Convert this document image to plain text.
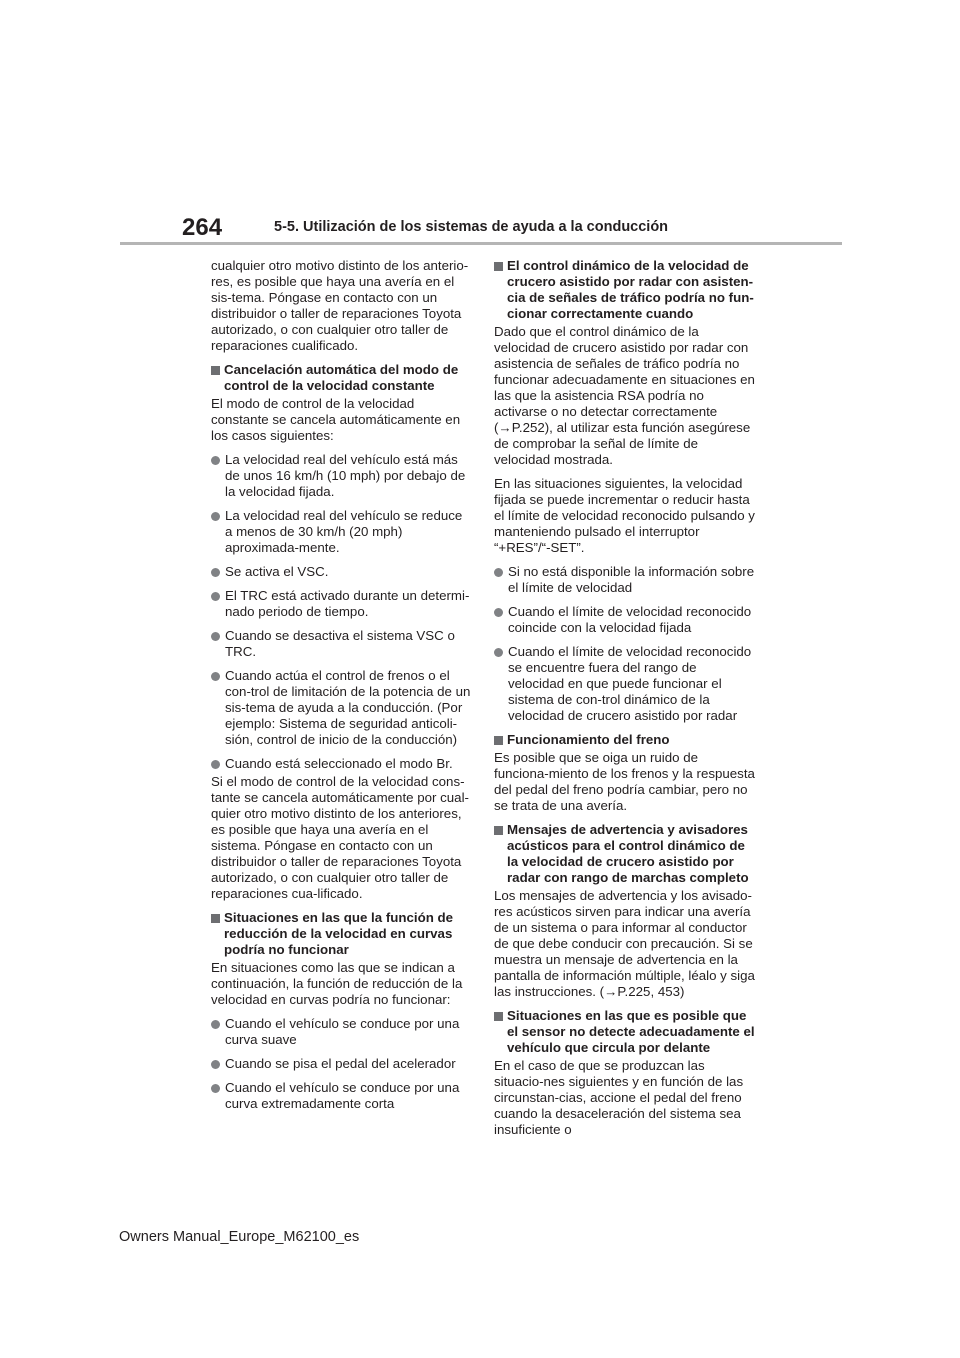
264	5-5. Utilización de los sistemas de ayuda a la conducción

cualquier otro motivo distinto de los anterio-res, es posible que haya una avería en el sis-tema. Póngase en contacto con un distribuidor o taller de reparaciones Toyota autorizado, o con cualquier otro taller de reparaciones cualificado.

Cancelación automática del modo de control de la velocidad constante

El modo de control de la velocidad constante se cancela automáticamente en los casos siguientes:

La velocidad real del vehículo está más de unos 16 km/h (10 mph) por debajo de la velocidad fijada.
La velocidad real del vehículo se reduce a menos de 30 km/h (20 mph) aproximada-mente.
Se activa el VSC.
El TRC está activado durante un determi-nado periodo de tiempo.
Cuando se desactiva el sistema VSC o TRC.
Cuando actúa el control de frenos o el con-trol de limitación de la potencia de un sis-tema de ayuda a la conducción. (Por ejemplo: Sistema de seguridad anticoli-sión, control de inicio de la conducción)
Cuando está seleccionado el modo Br.

Si el modo de control de la velocidad cons-tante se cancela automáticamente por cual-quier otro motivo distinto de los anteriores, es posible que haya una avería en el sistema. Póngase en contacto con un distribuidor o taller de reparaciones Toyota autorizado, o con cualquier otro taller de reparaciones cua-lificado.

Situaciones en las que la función de reducción de la velocidad en curvas podría no funcionar

En situaciones como las que se indican a continuación, la función de reducción de la velocidad en curvas podría no funcionar:

Cuando el vehículo se conduce por una curva suave
Cuando se pisa el pedal del acelerador
Cuando el vehículo se conduce por una curva extremadamente corta
El control dinámico de la velocidad de crucero asistido por radar con asisten-cia de señales de tráfico podría no fun-cionar correctamente cuando

Dado que el control dinámico de la velocidad de crucero asistido por radar con asistencia de señales de tráfico podría no funcionar adecuadamente en situaciones en las que la asistencia RSA podría no activarse o no detectar correctamente (→P.252), al utilizar esta función asegúrese de comprobar la señal de límite de velocidad mostrada.

En las situaciones siguientes, la velocidad fijada se puede incrementar o reducir hasta el límite de velocidad reconocido pulsando y manteniendo pulsado el interruptor “+RES”/“-SET”.

Si no está disponible la información sobre el límite de velocidad
Cuando el límite de velocidad reconocido coincide con la velocidad fijada
Cuando el límite de velocidad reconocido se encuentre fuera del rango de velocidad en que puede funcionar el sistema de con-trol dinámico de la velocidad de crucero asistido por radar
Funcionamiento del freno

Es posible que se oiga un ruido de funciona-miento de los frenos y la respuesta del pedal del freno podría cambiar, pero no se trata de una avería.

Mensajes de advertencia y avisadores acústicos para el control dinámico de la velocidad de crucero asistido por radar con rango de marchas completo

Los mensajes de advertencia y los avisado-res acústicos sirven para indicar una avería de un sistema o para informar al conductor de que debe conducir con precaución. Si se muestra un mensaje de advertencia en la pantalla de información múltiple, léalo y siga las instrucciones. (→P.225, 453)

Situaciones en las que es posible que el sensor no detecte adecuadamente el vehículo que circula por delante

En el caso de que se produzcan las situacio-nes siguientes y en función de las circunstan-cias, accione el pedal del freno cuando la desaceleración del sistema sea insuficiente o

Owners Manual_Europe_M62100_es
